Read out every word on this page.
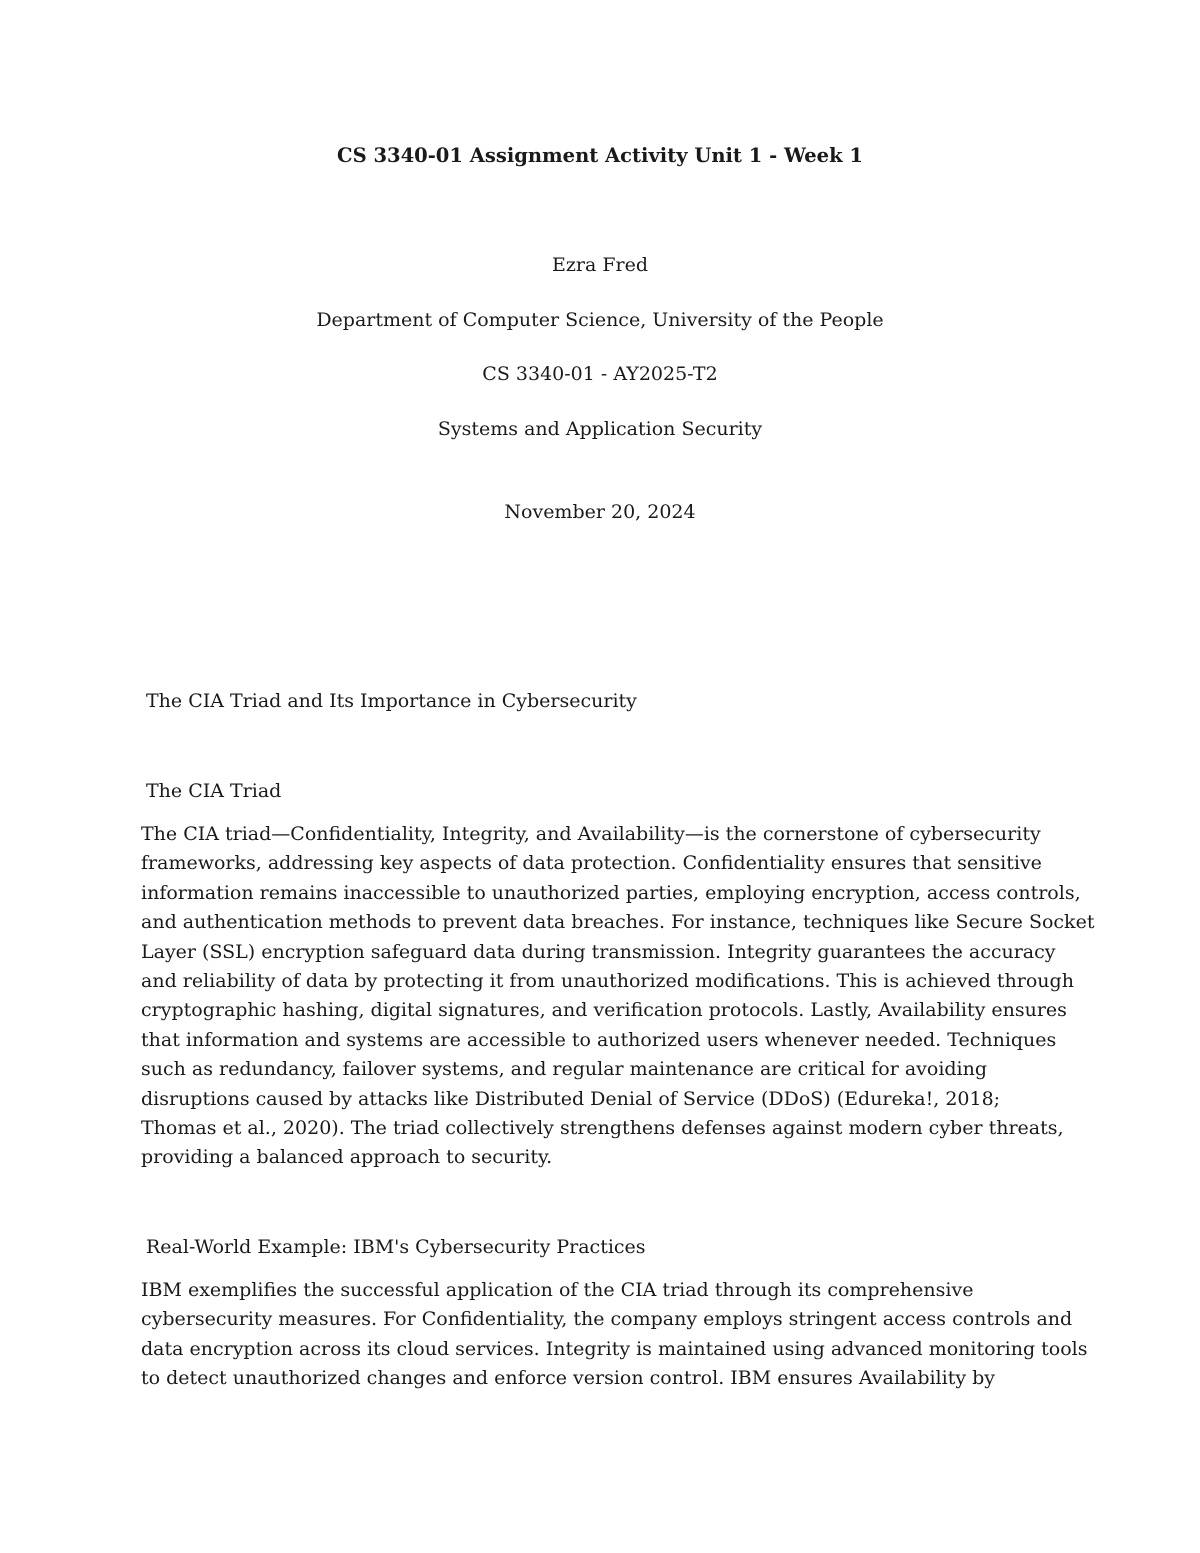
CS 3340-01 Assignment Activity Unit 1 - Week 1
Ezra Fred
Department of Computer Science, University of the People
CS 3340-01 - AY2025-T2
Systems and Application Security
November 20, 2024
The CIA Triad and Its Importance in Cybersecurity
The CIA Triad
The CIA triad—Confidentiality, Integrity, and Availability—is the cornerstone of cybersecurity
frameworks, addressing key aspects of data protection. Confidentiality ensures that sensitive
information remains inaccessible to unauthorized parties, employing encryption, access controls,
and authentication methods to prevent data breaches. For instance, techniques like Secure Socket
Layer (SSL) encryption safeguard data during transmission. Integrity guarantees the accuracy
and reliability of data by protecting it from unauthorized modifications. This is achieved through
cryptographic hashing, digital signatures, and verification protocols. Lastly, Availability ensures
that information and systems are accessible to authorized users whenever needed. Techniques
such as redundancy, failover systems, and regular maintenance are critical for avoiding
disruptions caused by attacks like Distributed Denial of Service (DDoS) (Edureka!, 2018;
Thomas et al., 2020). The triad collectively strengthens defenses against modern cyber threats,
providing a balanced approach to security.
Real-World Example: IBM's Cybersecurity Practices
IBM exemplifies the successful application of the CIA triad through its comprehensive
cybersecurity measures. For Confidentiality, the company employs stringent access controls and
data encryption across its cloud services. Integrity is maintained using advanced monitoring tools
to detect unauthorized changes and enforce version control. IBM ensures Availability by
